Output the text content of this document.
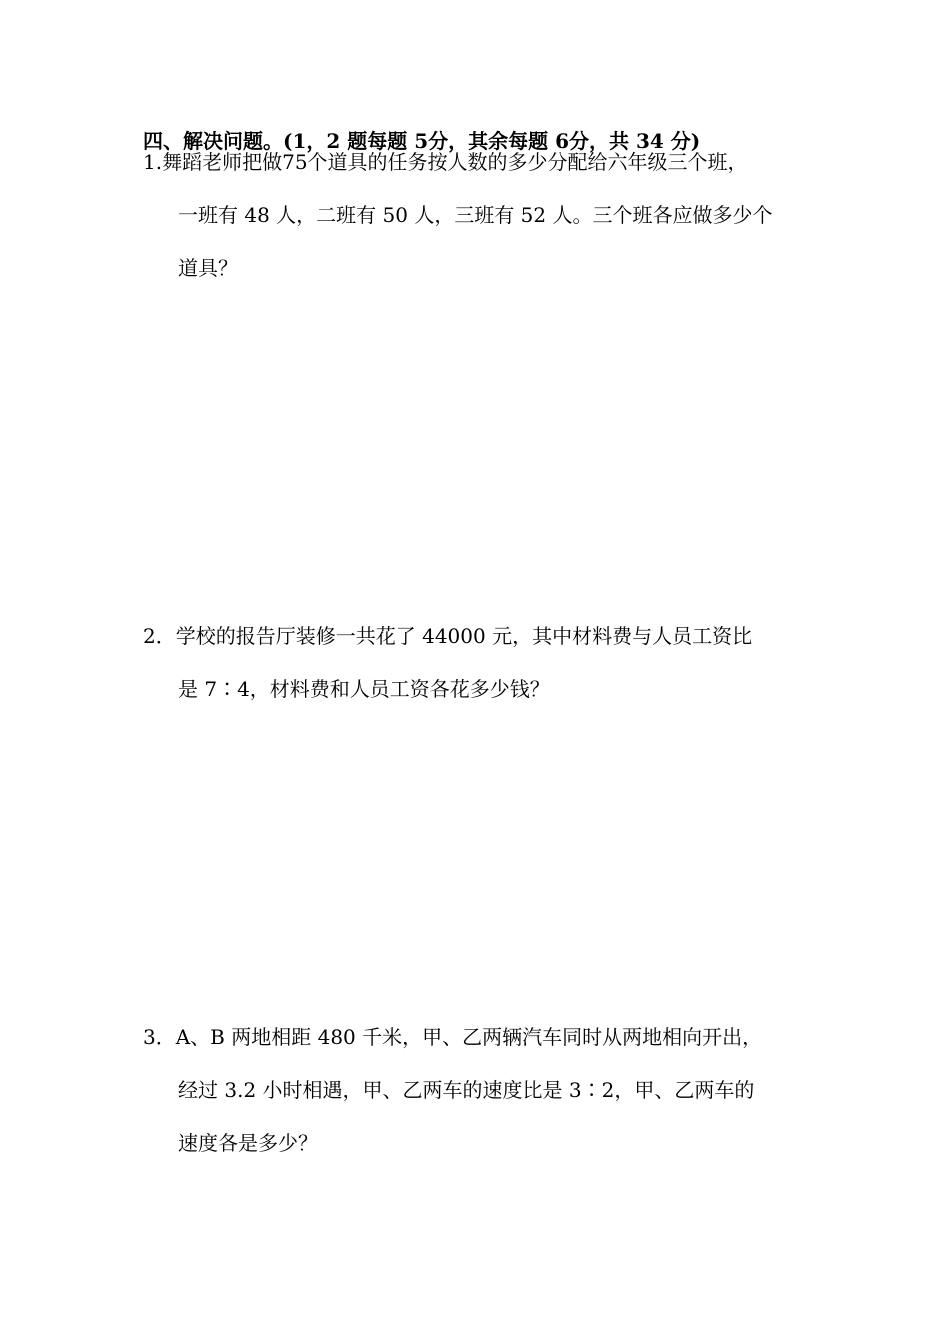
四、解决问题。(1，2 题每题 5分，其余每题 6分，共 34 分)
1.舞蹈老师把做75个道具的任务按人数的多少分配给六年级三个班，
一班有 48 人，二班有 50 人，三班有 52 人。三个班各应做多少个
道具？
2．学校的报告厅装修一共花了 44000 元，其中材料费与人员工资比
是 7∶4，材料费和人员工资各花多少钱？
3．A、B 两地相距 480 千米，甲、乙两辆汽车同时从两地相向开出，
经过 3.2 小时相遇，甲、乙两车的速度比是 3∶2，甲、乙两车的
速度各是多少？
